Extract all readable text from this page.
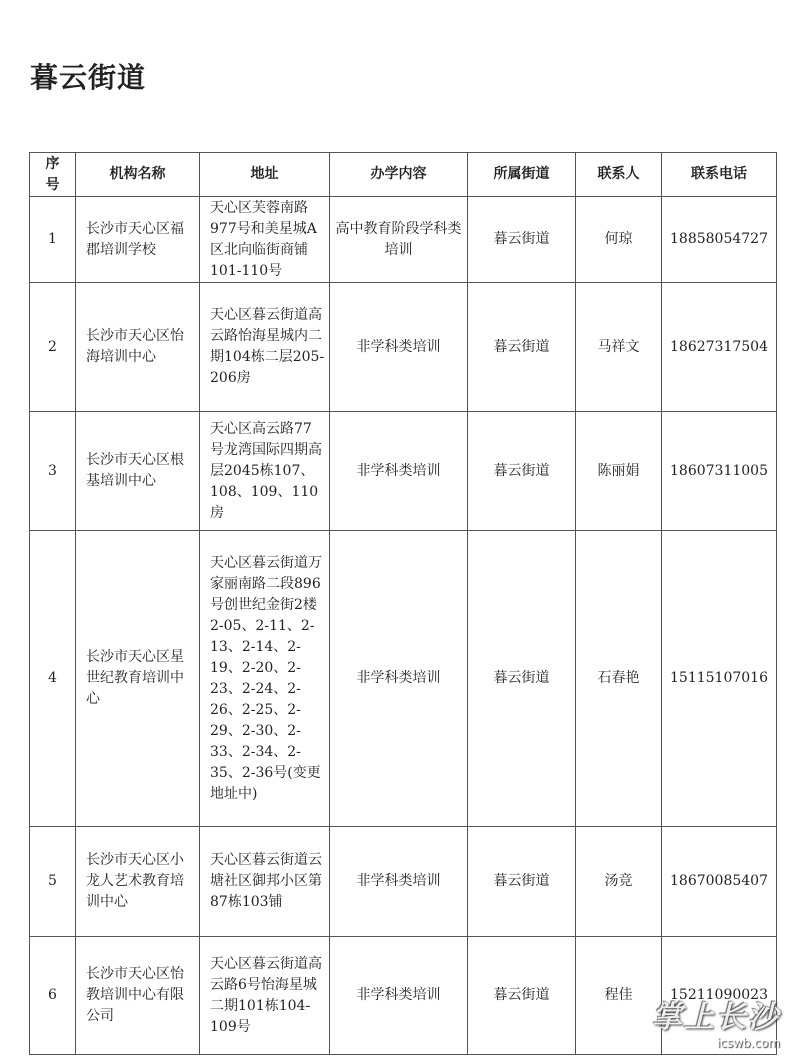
暮云街道
序号	机构名称	地址	办学内容	所属街道	联系人	联系电话
1	长沙市天心区福郡培训学校	天心区芙蓉南路977号和美星城A区北向临街商铺101-110号	高中教育阶段学科类培训	暮云街道	何琼	18858054727
2	长沙市天心区怡海培训中心	天心区暮云街道高云路怡海星城内二期104栋二层205-206房	非学科类培训	暮云街道	马祥文	18627317504
3	长沙市天心区根基培训中心	天心区高云路77号龙湾国际四期高层2045栋107、108、109、110房	非学科类培训	暮云街道	陈丽娟	18607311005
4	长沙市天心区星世纪教育培训中心	天心区暮云街道万家丽南路二段896号创世纪金街2楼2-05、2-11、2-13、2-14、2-19、2-20、2-23、2-24、2-26、2-25、2-29、2-30、2-33、2-34、2-35、2-36号(变更地址中)	非学科类培训	暮云街道	石春艳	15115107016
5	长沙市天心区小龙人艺术教育培训中心	天心区暮云街道云塘社区御邦小区第87栋103铺	非学科类培训	暮云街道	汤竞	18670085407
6	长沙市天心区怡教培训中心有限公司	天心区暮云街道高云路6号怡海星城二期101栋104-109号	非学科类培训	暮云街道	程佳	15211090023
掌上长沙
icswb.com
